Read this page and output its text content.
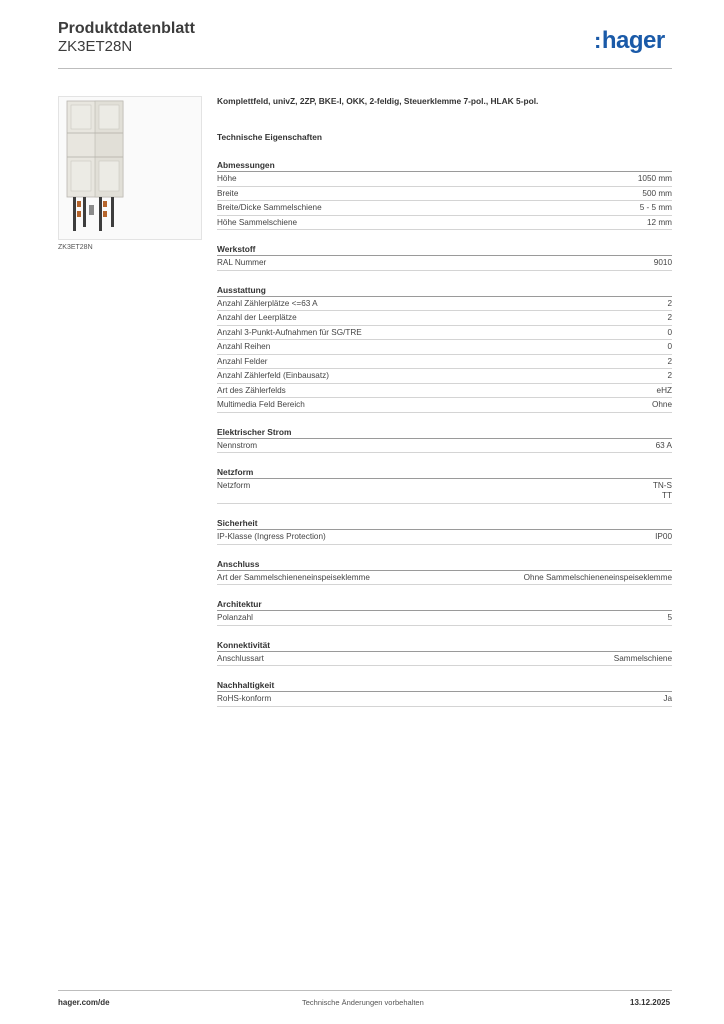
Produktdatenblatt
ZK3ET28N	:hager
ZK3ET28N
Komplettfeld, univZ, 2ZP, BKE-I, OKK, 2-feldig, Steuerklemme 7-pol., HLAK 5-pol.
Technische Eigenschaften
Abmessungen
Höhe	1050 mm
Breite	500 mm
Breite/Dicke Sammelschiene	5 - 5 mm
Höhe Sammelschiene	12 mm
Werkstoff
RAL Nummer	9010
Ausstattung
Anzahl Zählerplätze <=63 A	2
Anzahl der Leerplätze	2
Anzahl 3-Punkt-Aufnahmen für SG/TRE	0
Anzahl Reihen	0
Anzahl Felder	2
Anzahl Zählerfeld (Einbausatz)	2
Art des Zählerfelds	eHZ
Multimedia Feld Bereich	Ohne
Elektrischer Strom
Nennstrom	63 A
Netzform
Netzform	TN-S
TT
Sicherheit
IP-Klasse (Ingress Protection)	IP00
Anschluss
Art der Sammelschieneneinspeiseklemme	Ohne Sammelschieneneinspeiseklemme
Architektur
Polanzahl	5
Konnektivität
Anschlussart	Sammelschiene
Nachhaltigkeit
RoHS-konform	Ja
hager.com/de	Technische Änderungen vorbehalten	13.12.2025
